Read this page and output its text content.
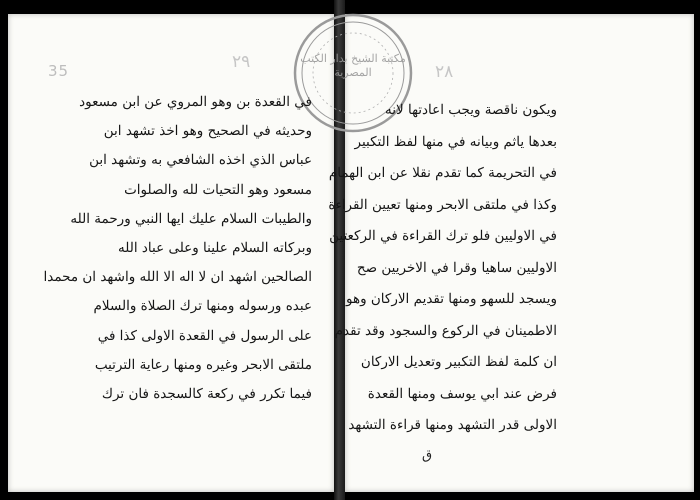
35	٢٩	٢٨
مكتبة الشيخ بدار الكتب المصرية
في القعدة بن وهو المروي عن ابن مسعود
وحديثه في الصحيح وهو اخذ تشهد ابن
عباس الذي اخذه الشافعي به وتشهد ابن
مسعود وهو التحيات لله والصلوات
والطيبات السلام عليك ايها النبي ورحمة الله
وبركاته السلام علينا وعلى عباد الله
الصالحين اشهد ان لا اله الا الله واشهد ان محمدا
عبده ورسوله ومنها ترك الصلاة والسلام
على الرسول في القعدة الاولى كذا في
ملتقى الابحر وغيره ومنها رعاية الترتيب
فيما تكرر في ركعة كالسجدة فان ترك
ويكون ناقصة ويجب اعادتها لانه
بعدها ياثم وبيانه في منها لفظ التكبير
في التحريمة كما تقدم نقلا عن ابن الهمام
وكذا في ملتقى الابحر ومنها تعيين القراءة
في الاوليين فلو ترك القراءة في الركعتين
الاوليين ساهيا وقرا في الاخريين صح
ويسجد للسهو ومنها تقديم الاركان وهو
الاطمينان في الركوع والسجود وقد تقدم
ان كلمة لفظ التكبير وتعديل الاركان
فرض عند ابي يوسف ومنها القعدة
الاولى قدر التشهد ومنها قراءة التشهد
ق
